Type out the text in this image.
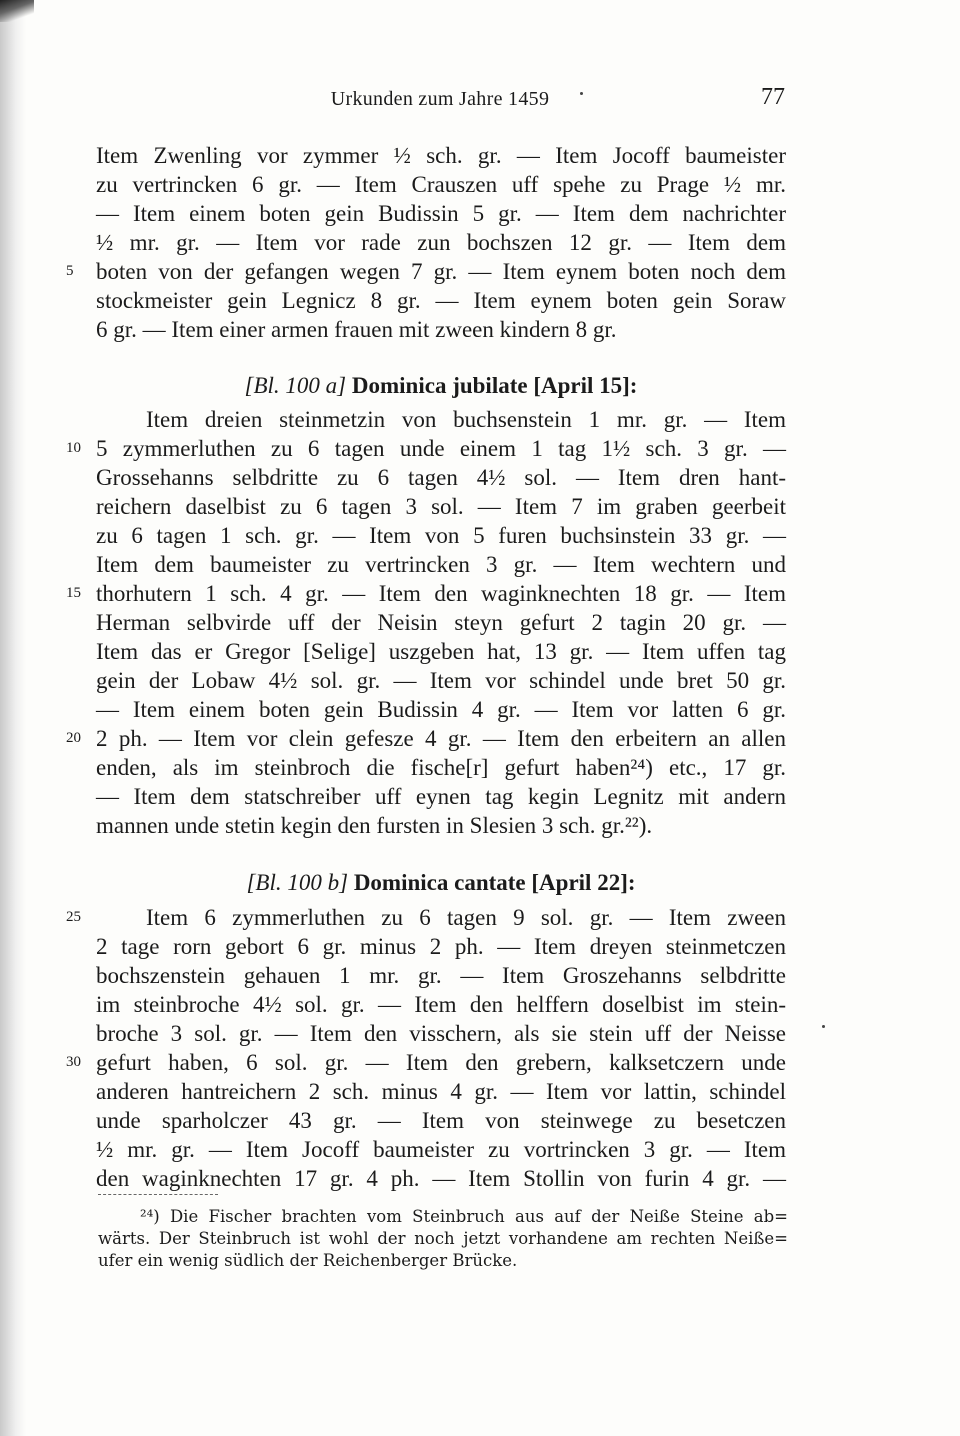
Urkunden zum Jahre 1459	77
Item Zwenling vor zymmer ½ sch. gr. — Item Jocoff baumeister
zu vertrincken 6 gr. — Item Crauszen uff spehe zu Prage ½ mr.
— Item einem boten gein Budissin 5 gr. — Item dem nachrichter
½ mr. gr. — Item vor rade zun bochszen 12 gr. — Item dem
5 boten von der gefangen wegen 7 gr. — Item eynem boten noch dem
stockmeister gein Legnicz 8 gr. — Item eynem boten gein Soraw
6 gr. — Item einer armen frauen mit zween kindern 8 gr.
[Bl. 100 a] Dominica jubilate [April 15]:
Item dreien steinmetzin von buchsenstein 1 mr. gr. — Item
10 5 zymmerluthen zu 6 tagen unde einem 1 tag 1½ sch. 3 gr. —
Grossehanns selbdritte zu 6 tagen 4½ sol. — Item dren hant-
reichern daselbist zu 6 tagen 3 sol. — Item 7 im graben geerbeit
zu 6 tagen 1 sch. gr. — Item von 5 furen buchsinstein 33 gr. —
Item dem baumeister zu vertrincken 3 gr. — Item wechtern und
15 thorhutern 1 sch. 4 gr. — Item den waginknechten 18 gr. — Item
Herman selbvirde uff der Neisin steyn gefurt 2 tagin 20 gr. —
Item das er Gregor [Selige] uszgeben hat, 13 gr. — Item uffen tag
gein der Lobaw 4½ sol. gr. — Item vor schindel unde bret 50 gr.
— Item einem boten gein Budissin 4 gr. — Item vor latten 6 gr.
20 2 ph. — Item vor clein gefesze 4 gr. — Item den erbeitern an allen
enden, als im steinbroch die fische[r] gefurt haben²⁴) etc., 17 gr.
— Item dem statschreiber uff eynen tag kegin Legnitz mit andern
mannen unde stetin kegin den fursten in Slesien 3 sch. gr.²²).
[Bl. 100 b] Dominica cantate [April 22]:
25	Item 6 zymmerluthen zu 6 tagen 9 sol. gr. — Item zween
2 tage rorn gebort 6 gr. minus 2 ph. — Item dreyen steinmetczen
bochszenstein gehauen 1 mr. gr. — Item Groszehanns selbdritte
im steinbroche 4½ sol. gr. — Item den helffern doselbist im stein-
broche 3 sol. gr. — Item den visschern, als sie stein uff der Neisse
30 gefurt haben, 6 sol. gr. — Item den grebern, kalksetczern unde
anderen hantreichern 2 sch. minus 4 gr. — Item vor lattin, schindel
unde sparholczer 43 gr. — Item von steinwege zu besetczen
½ mr. gr. — Item Jocoff baumeister zu vortrincken 3 gr. — Item
den waginknechten 17 gr. 4 ph. — Item Stollin von furin 4 gr. —
²⁴) Die Fischer brachten vom Steinbruch aus auf der Neiße Steine ab=
wärts. Der Steinbruch ist wohl der noch jetzt vorhandene am rechten Neiße=
ufer ein wenig südlich der Reichenberger Brücke.
